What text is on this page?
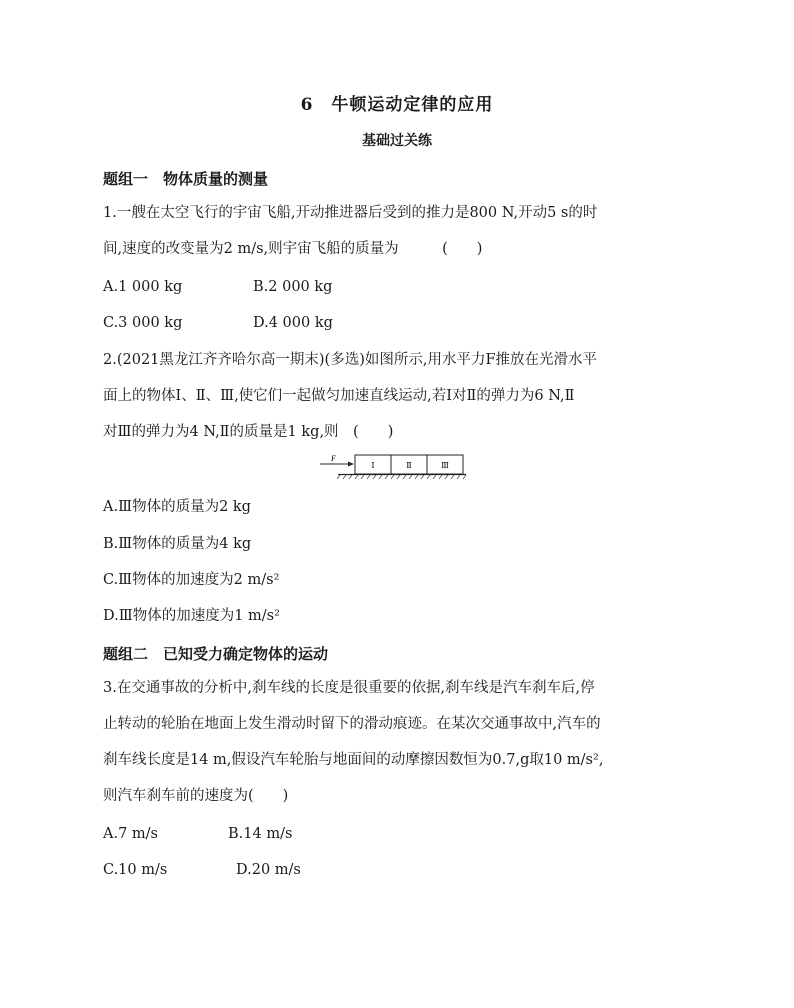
6　牛顿运动定律的应用
基础过关练
题组一　物体质量的测量
1.一艘在太空飞行的宇宙飞船,开动推进器后受到的推力是800 N,开动5 s的时
间,速度的改变量为2 m/s,则宇宙飞船的质量为　　　(　　)
A.1 000 kg	B.2 000 kg
C.3 000 kg	D.4 000 kg
2.(2021黑龙江齐齐哈尔高一期末)(多选)如图所示,用水平力F推放在光滑水平
面上的物体Ⅰ、Ⅱ、Ⅲ,使它们一起做匀加速直线运动,若Ⅰ对Ⅱ的弹力为6 N,Ⅱ
对Ⅲ的弹力为4 N,Ⅱ的质量是1 kg,则　(　　)
F
Ⅰ	Ⅱ	Ⅲ
A.Ⅲ物体的质量为2 kg
B.Ⅲ物体的质量为4 kg
C.Ⅲ物体的加速度为2 m/s²
D.Ⅲ物体的加速度为1 m/s²
题组二　已知受力确定物体的运动
3.在交通事故的分析中,刹车线的长度是很重要的依据,刹车线是汽车刹车后,停
止转动的轮胎在地面上发生滑动时留下的滑动痕迹。在某次交通事故中,汽车的
刹车线长度是14 m,假设汽车轮胎与地面间的动摩擦因数恒为0.7,g取10 m/s²,
则汽车刹车前的速度为(　　)
A.7 m/s	B.14 m/s
C.10 m/s	D.20 m/s
